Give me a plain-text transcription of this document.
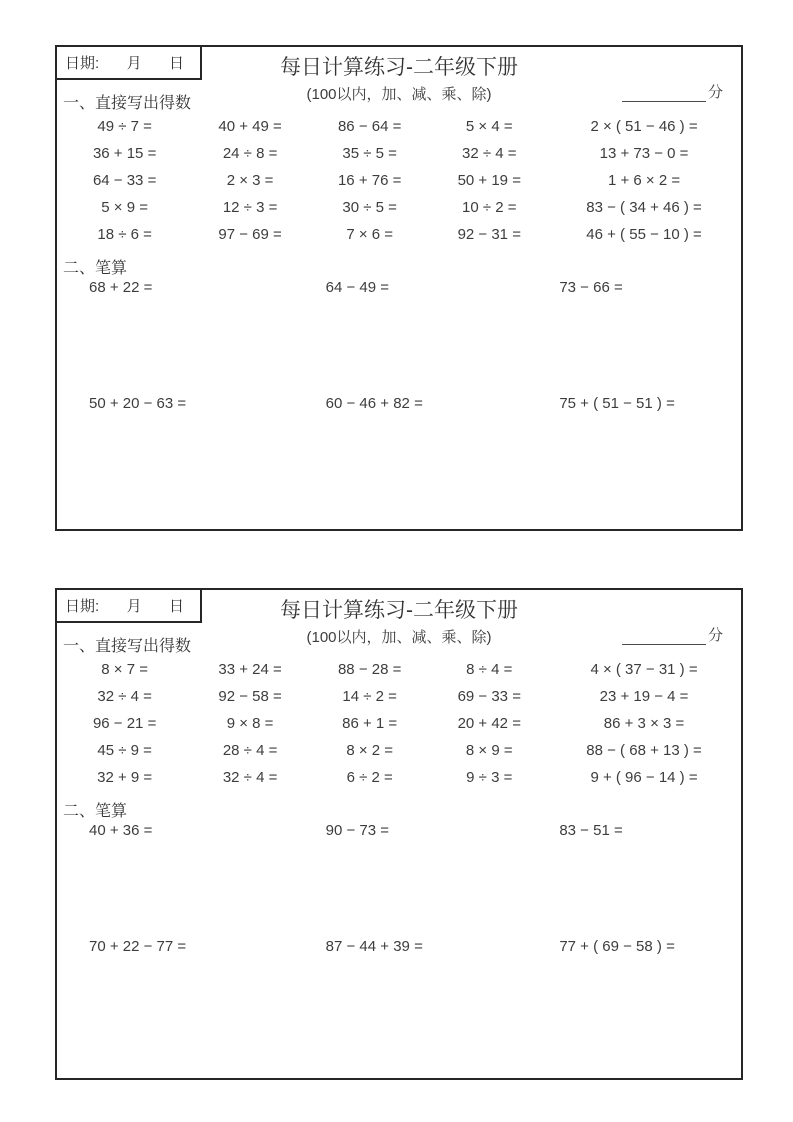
日期: 月 日	每日计算练习-二年级下册
(100以内，加、减、乘、除)	分
一、直接写出得数
49 ÷ 7 =	40 + 49 =	86 − 64 =	5 × 4 =	2 × ( 51 − 46 ) =
36 + 15 =	24 ÷ 8 =	35 ÷ 5 =	32 ÷ 4 =	13 + 73 − 0 =
64 − 33 =	2 × 3 =	16 + 76 =	50 + 19 =	1 + 6 × 2 =
5 × 9 =	12 ÷ 3 =	30 ÷ 5 =	10 ÷ 2 =	83 − ( 34 + 46 ) =
18 ÷ 6 =	97 − 69 =	7 × 6 =	92 − 31 =	46 + ( 55 − 10 ) =
二、笔算
68 + 22 =	64 − 49 =	73 − 66 =
50 + 20 − 63 =	60 − 46 + 82 =	75 + ( 51 − 51 ) =
日期: 月 日	每日计算练习-二年级下册
(100以内，加、减、乘、除)	分
一、直接写出得数
8 × 7 =	33 + 24 =	88 − 28 =	8 ÷ 4 =	4 × ( 37 − 31 ) =
32 ÷ 4 =	92 − 58 =	14 ÷ 2 =	69 − 33 =	23 + 19 − 4 =
96 − 21 =	9 × 8 =	86 + 1 =	20 + 42 =	86 + 3 × 3 =
45 ÷ 9 =	28 ÷ 4 =	8 × 2 =	8 × 9 =	88 − ( 68 + 13 ) =
32 + 9 =	32 ÷ 4 =	6 ÷ 2 =	9 ÷ 3 =	9 + ( 96 − 14 ) =
二、笔算
40 + 36 =	90 − 73 =	83 − 51 =
70 + 22 − 77 =	87 − 44 + 39 =	77 + ( 69 − 58 ) =
